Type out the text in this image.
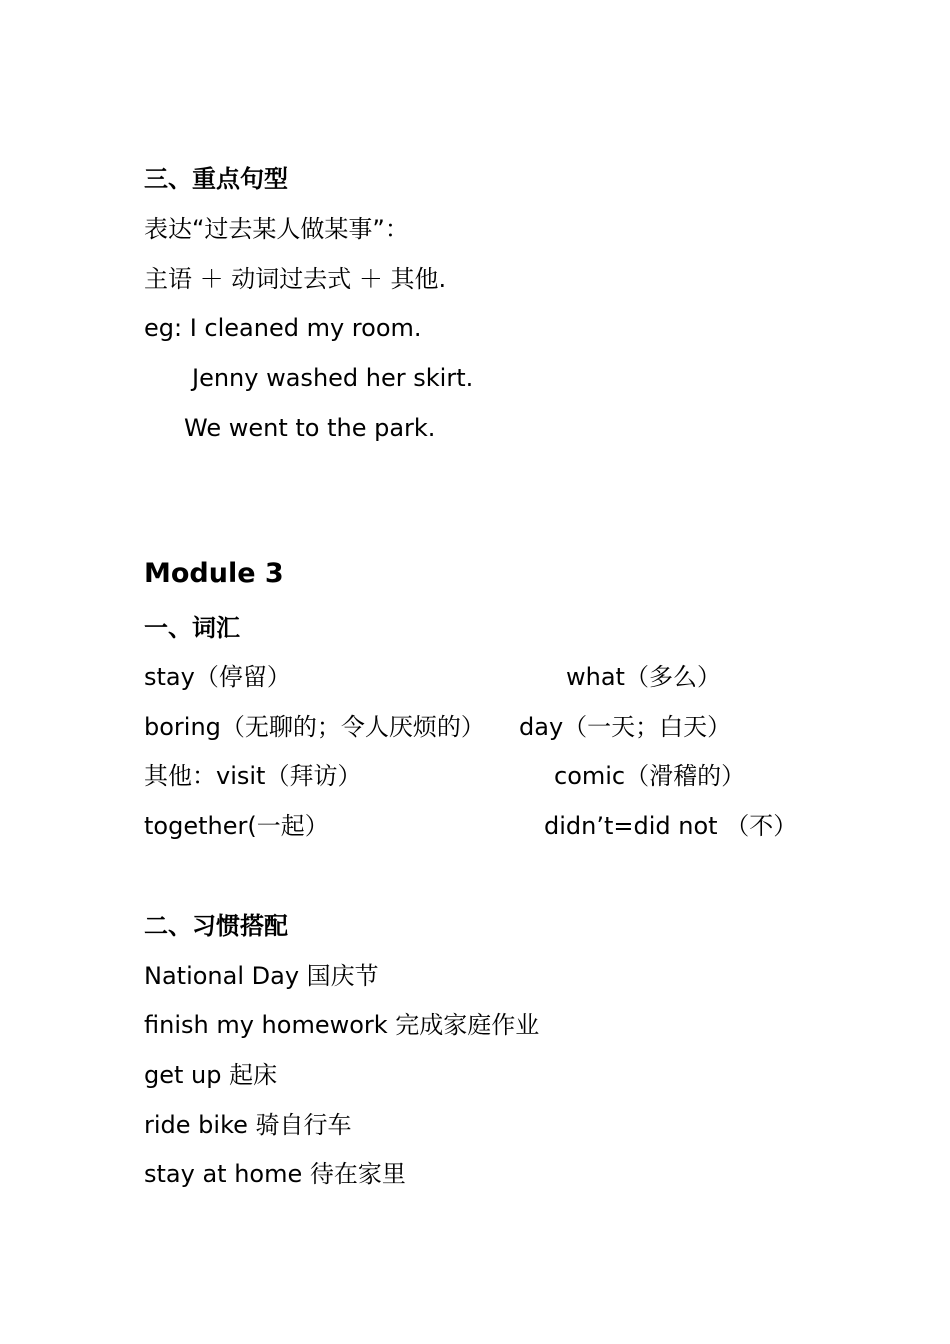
三、重点句型
表达“过去某人做某事”：
主语 ＋ 动词过去式 ＋ 其他.
eg: I cleaned my room.
Jenny washed her skirt.
We went to the park.
Module 3
一、词汇
stay（停留）	what（多么）
boring（无聊的；令人厌烦的） day（一天；白天）
其他：visit（拜访）	comic（滑稽的）
together(一起）	didn’t=did not （不）
二、习惯搭配
National Day 国庆节
finish my homework 完成家庭作业
get up 起床
ride bike 骑自行车
stay at home 待在家里
